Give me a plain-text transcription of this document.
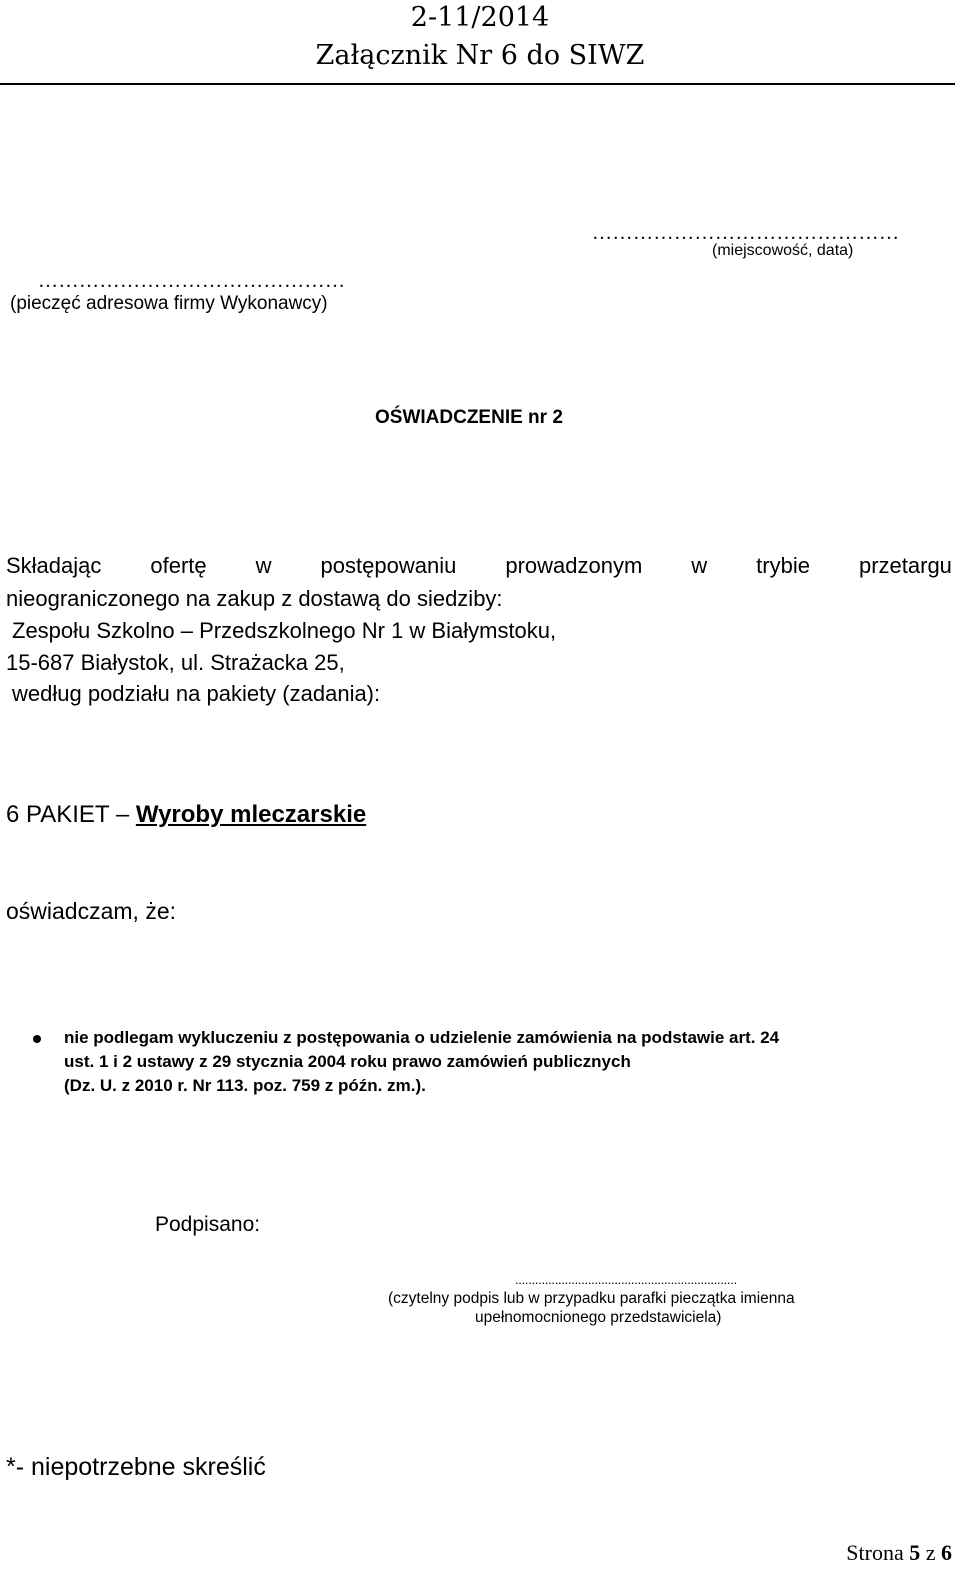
2-11/2014
Załącznik Nr 6 do SIWZ
………………………………………
(miejscowość, data)
………………………………………
(pieczęć adresowa firmy Wykonawcy)
OŚWIADCZENIE nr 2
Składając ofertę w postępowaniu prowadzonym w trybie przetargu
nieograniczonego na zakup z dostawą do siedziby:
Zespołu Szkolno – Przedszkolnego Nr 1 w Białymstoku,
15-687 Białystok, ul. Strażacka 25,
według podziału na pakiety (zadania):
6 PAKIET – Wyroby mleczarskie
oświadczam, że:
nie podlegam wykluczeniu z postępowania o udzielenie zamówienia na podstawie art. 24
ust. 1 i 2 ustawy z 29 stycznia 2004 roku prawo zamówień publicznych
(Dz. U. z 2010 r. Nr 113. poz. 759 z późn. zm.).
Podpisano:
...................................................................
(czytelny podpis lub w przypadku parafki pieczątka imienna
upełnomocnionego przedstawiciela)
*- niepotrzebne skreślić
Strona 5 z 6
